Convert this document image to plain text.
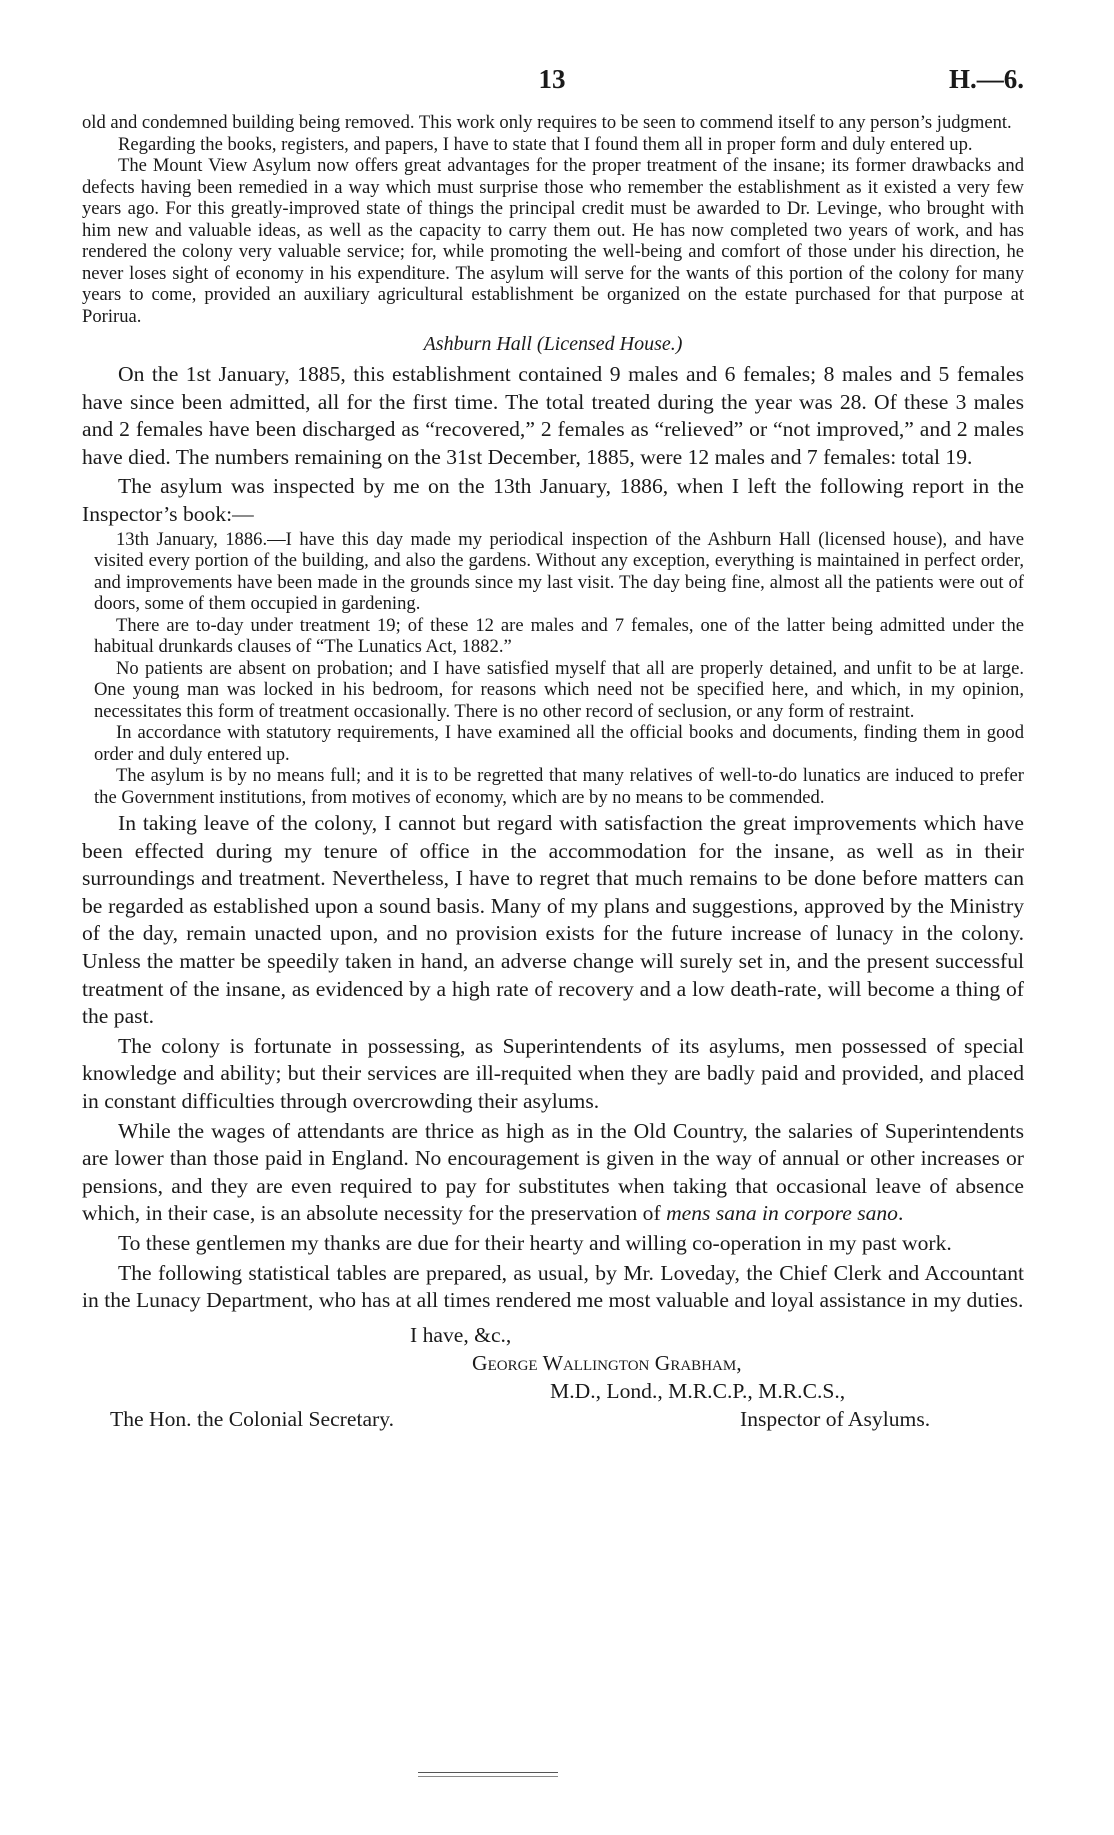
13	H.—6.

old and condemned building being removed. This work only requires to be seen to commend itself to any person’s judgment.

Regarding the books, registers, and papers, I have to state that I found them all in proper form and duly entered up.

The Mount View Asylum now offers great advantages for the proper treatment of the insane; its former drawbacks and defects having been remedied in a way which must surprise those who remember the establishment as it existed a very few years ago. For this greatly-improved state of things the principal credit must be awarded to Dr. Levinge, who brought with him new and valuable ideas, as well as the capacity to carry them out. He has now completed two years of work, and has rendered the colony very valuable service; for, while promoting the well-being and comfort of those under his direction, he never loses sight of economy in his expenditure. The asylum will serve for the wants of this portion of the colony for many years to come, provided an auxiliary agricultural establishment be organized on the estate purchased for that purpose at Porirua.

Ashburn Hall (Licensed House.)

On the 1st January, 1885, this establishment contained 9 males and 6 females; 8 males and 5 females have since been admitted, all for the first time. The total treated during the year was 28. Of these 3 males and 2 females have been discharged as “recovered,” 2 females as “relieved” or “not improved,” and 2 males have died. The numbers remaining on the 31st December, 1885, were 12 males and 7 females: total 19.

The asylum was inspected by me on the 13th January, 1886, when I left the following report in the Inspector’s book:—

13th January, 1886.—I have this day made my periodical inspection of the Ashburn Hall (licensed house), and have visited every portion of the building, and also the gardens. Without any exception, everything is maintained in perfect order, and improvements have been made in the grounds since my last visit. The day being fine, almost all the patients were out of doors, some of them occupied in gardening.

There are to-day under treatment 19; of these 12 are males and 7 females, one of the latter being admitted under the habitual drunkards clauses of “The Lunatics Act, 1882.”

No patients are absent on probation; and I have satisfied myself that all are properly detained, and unfit to be at large. One young man was locked in his bedroom, for reasons which need not be specified here, and which, in my opinion, necessitates this form of treatment occasionally. There is no other record of seclusion, or any form of restraint.

In accordance with statutory requirements, I have examined all the official books and documents, finding them in good order and duly entered up.

The asylum is by no means full; and it is to be regretted that many relatives of well-to-do lunatics are induced to prefer the Government institutions, from motives of economy, which are by no means to be commended.

In taking leave of the colony, I cannot but regard with satisfaction the great improvements which have been effected during my tenure of office in the accommodation for the insane, as well as in their surroundings and treatment. Nevertheless, I have to regret that much remains to be done before matters can be regarded as established upon a sound basis. Many of my plans and suggestions, approved by the Ministry of the day, remain unacted upon, and no provision exists for the future increase of lunacy in the colony. Unless the matter be speedily taken in hand, an adverse change will surely set in, and the present successful treatment of the insane, as evidenced by a high rate of recovery and a low death-rate, will become a thing of the past.

The colony is fortunate in possessing, as Superintendents of its asylums, men possessed of special knowledge and ability; but their services are ill-requited when they are badly paid and provided, and placed in constant difficulties through overcrowding their asylums.

While the wages of attendants are thrice as high as in the Old Country, the salaries of Superintendents are lower than those paid in England. No encouragement is given in the way of annual or other increases or pensions, and they are even required to pay for substitutes when taking that occasional leave of absence which, in their case, is an absolute necessity for the preservation of mens sana in corpore sano.

To these gentlemen my thanks are due for their hearty and willing co-operation in my past work.

The following statistical tables are prepared, as usual, by Mr. Loveday, the Chief Clerk and Accountant in the Lunacy Department, who has at all times rendered me most valuable and loyal assistance in my duties.

I have, &c.,
George Wallington Grabham,
M.D., Lond., M.R.C.P., M.R.C.S.,
The Hon. the Colonial Secretary.	Inspector of Asylums.
